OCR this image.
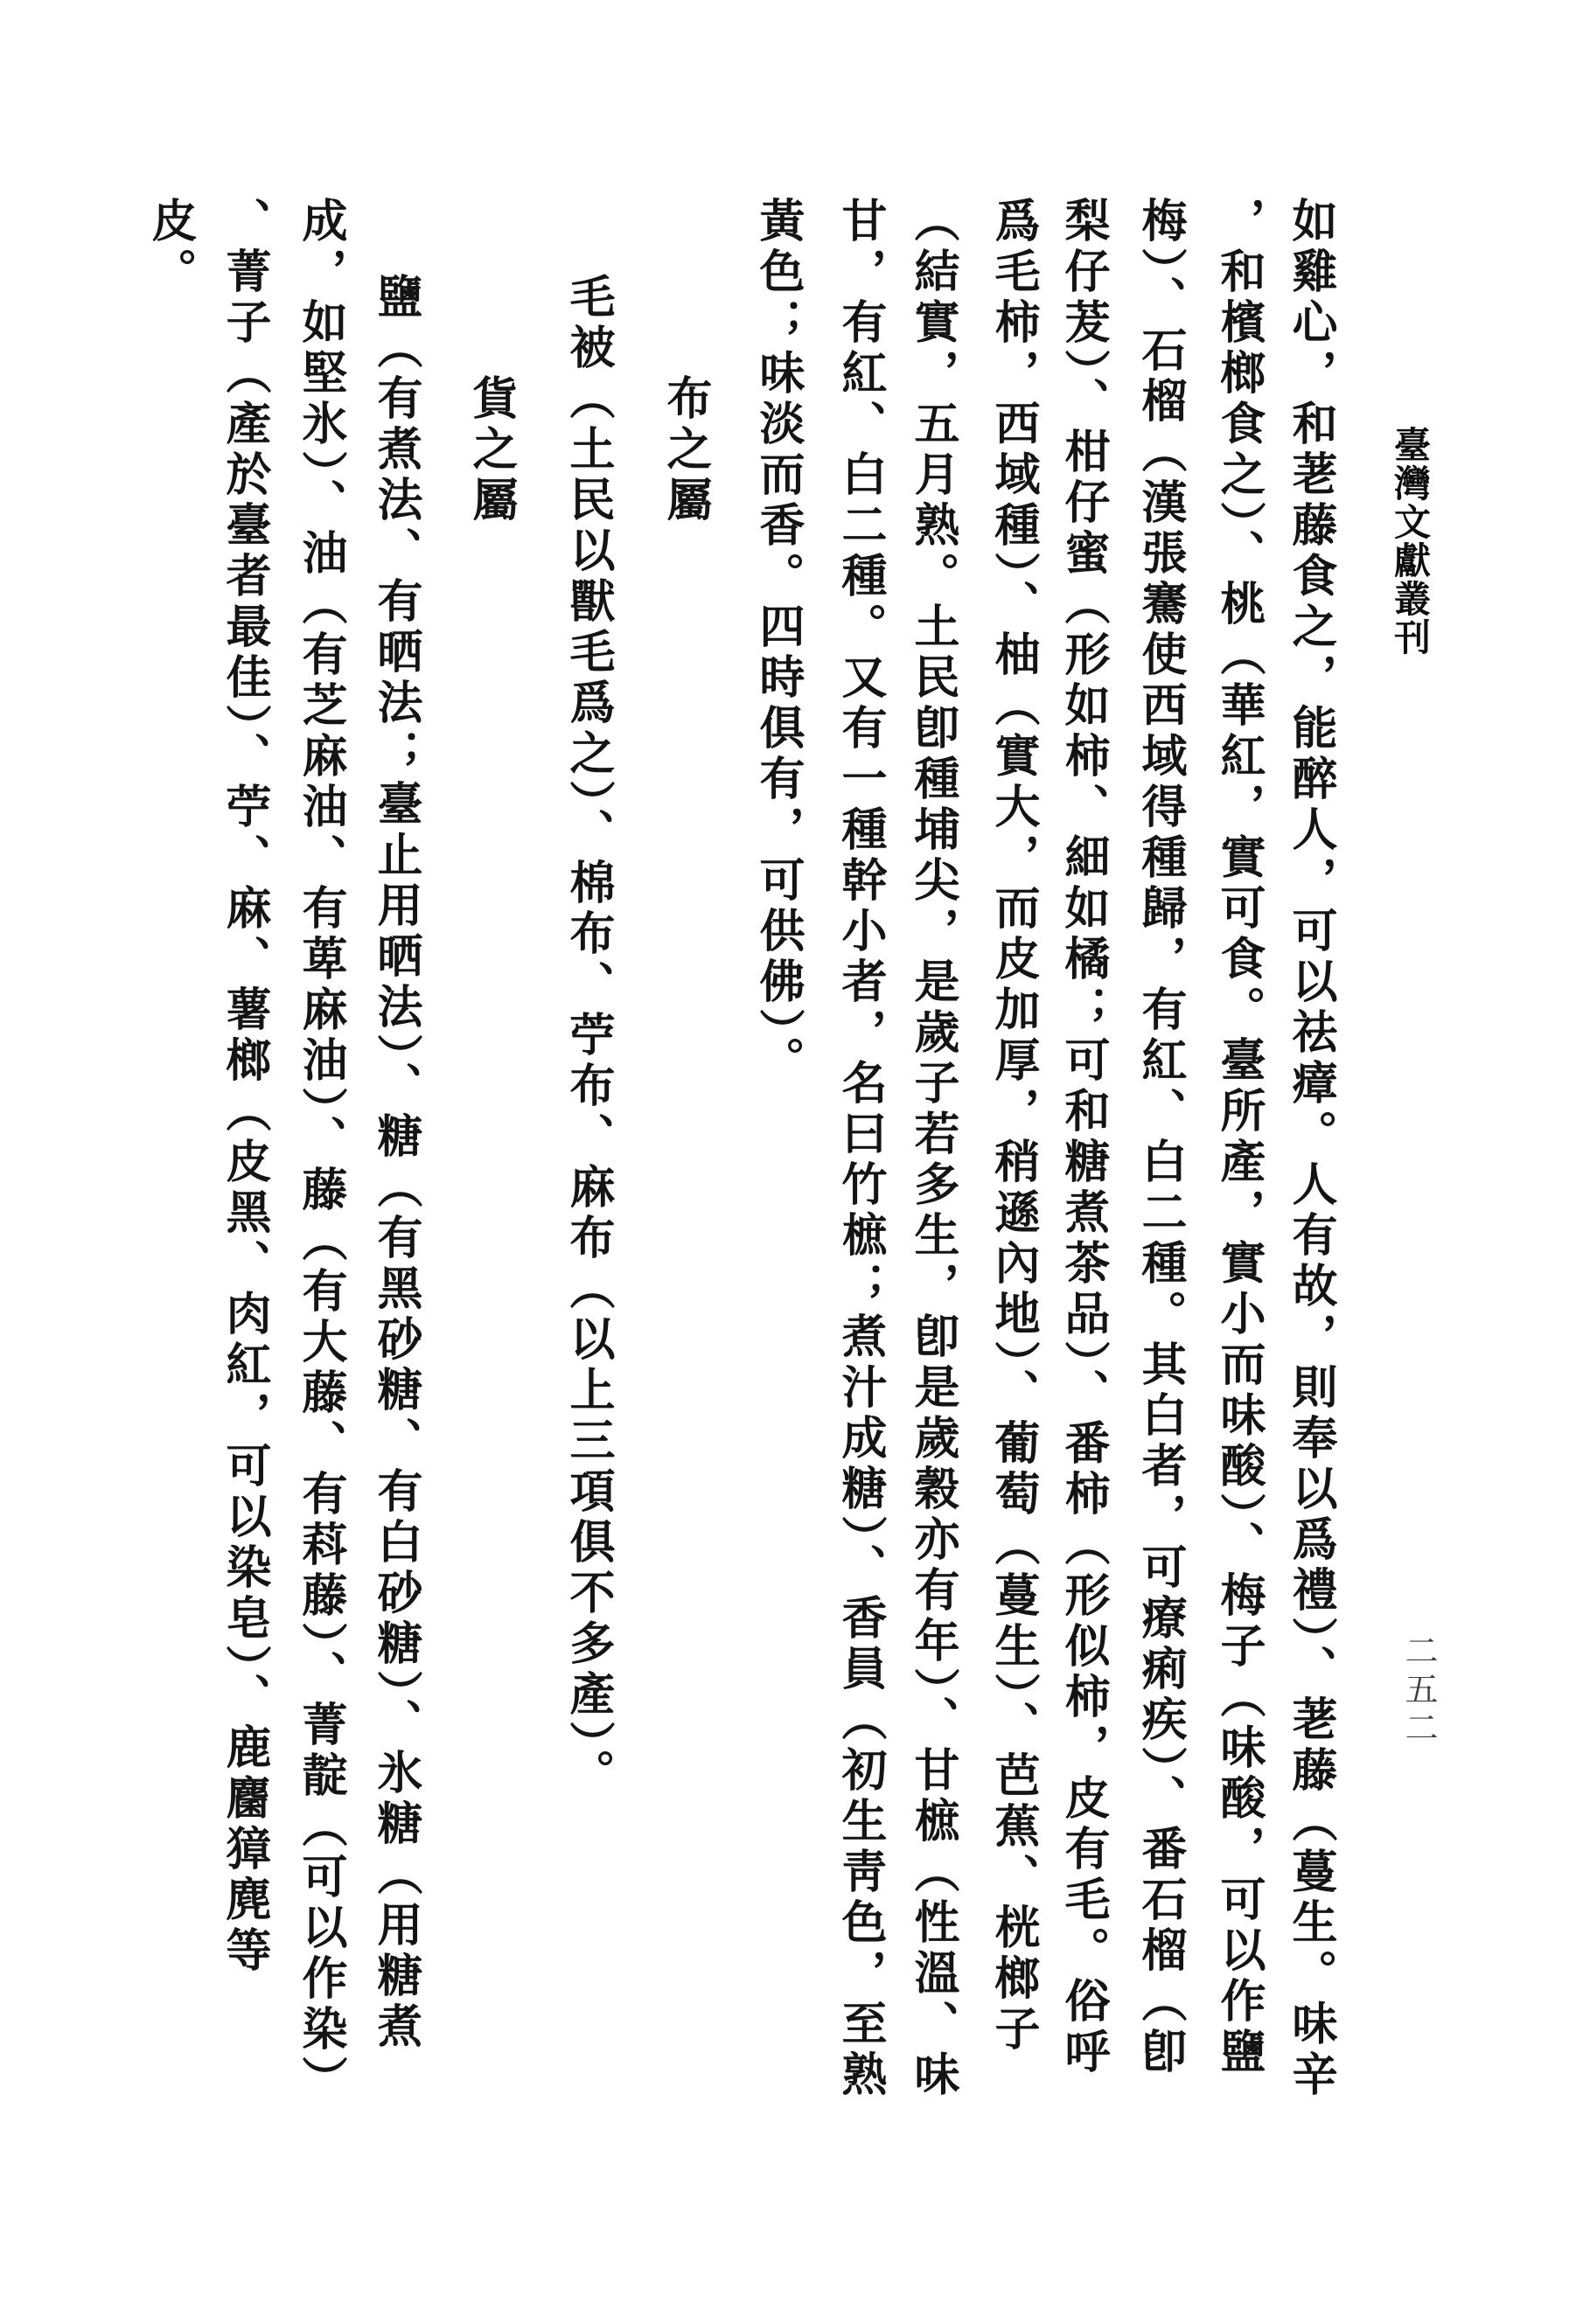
臺灣文獻叢刊
二五二
如雞心，和荖藤食之，能醉人，可以祛瘴。人有故，則奉以爲禮）、荖藤（蔓生。味辛
，和檳榔食之）、桃（華紅，實可食。臺所產，實小而味酸）、梅子（味酸，可以作鹽
梅）、石榴（漢張騫使西域得種歸，有紅、白二種。其白者，可療痢疾）、番石榴（卽
梨仔茇）、柑仔蜜（形如柿、細如橘；可和糖煮茶品）、番柿（形似柿，皮有毛。俗呼
爲毛柿，西域種）、柚（實大，而皮加厚，稍遜內地）、葡萄（蔓生）、芭蕉、桄榔子
（結實，五月熟。土民卽種埔尖，是歲子若多生，卽是歲穀亦有年）、甘樜（性溫、味
甘，有紅、白二種。又有一種幹小者，名曰竹樜；煮汁成糖）、香員（初生靑色，至熟
黃色；味淡而香。四時俱有，可供佛）。
布之屬
毛被（土民以獸毛爲之）、棉布、苧布、麻布（以上三項俱不多產）。
貨之屬
鹽（有煮法、有晒法；臺止用晒法）、糖（有黑砂糖、有白砂糖）、氷糖（用糖煮
成，如堅氷）、油（有芝麻油、有萆麻油）、藤（有大藤、有萪藤）、菁靛（可以作染）
、菁子（產於臺者最佳）、苧、麻、薯榔（皮黑、肉紅，可以染皂）、鹿麕獐麂等
皮。
